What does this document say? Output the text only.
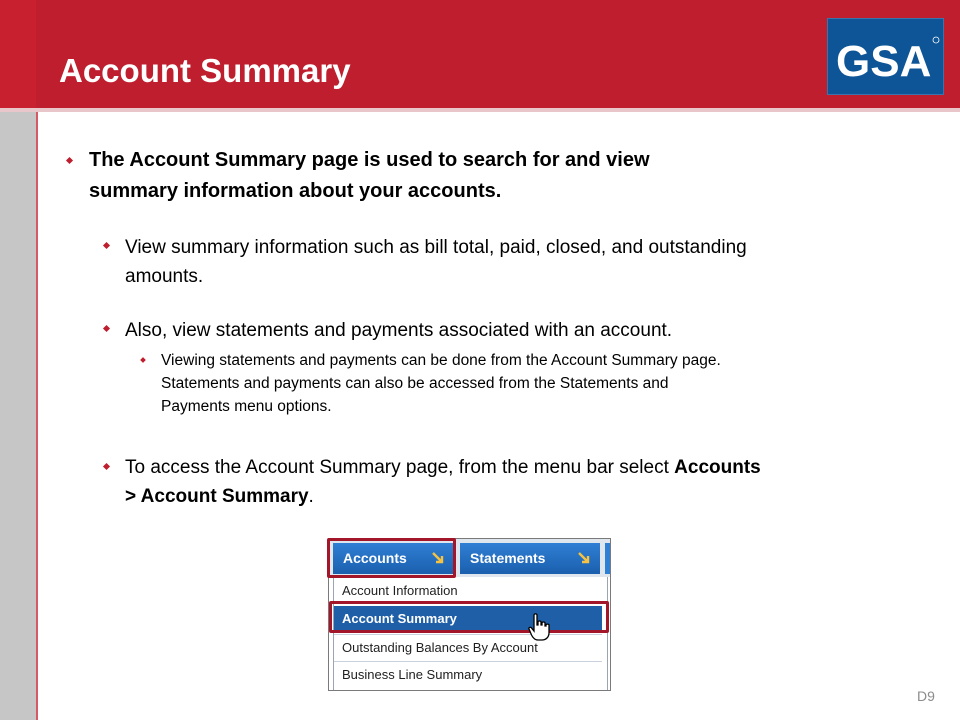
Account Summary	GSA
The Account Summary page is used to search for and view
summary information about your accounts.
View summary information such as bill total, paid, closed, and outstanding
amounts.
Also, view statements and payments associated with an account.
Viewing statements and payments can be done from the Account Summary page.
Statements and payments can also be accessed from the Statements and
Payments menu options.
To access the Account Summary page, from the menu bar select Accounts
> Account Summary.
Accounts	Statements
Account Information
Account Summary
Outstanding Balances By Account
Business Line Summary
D9
